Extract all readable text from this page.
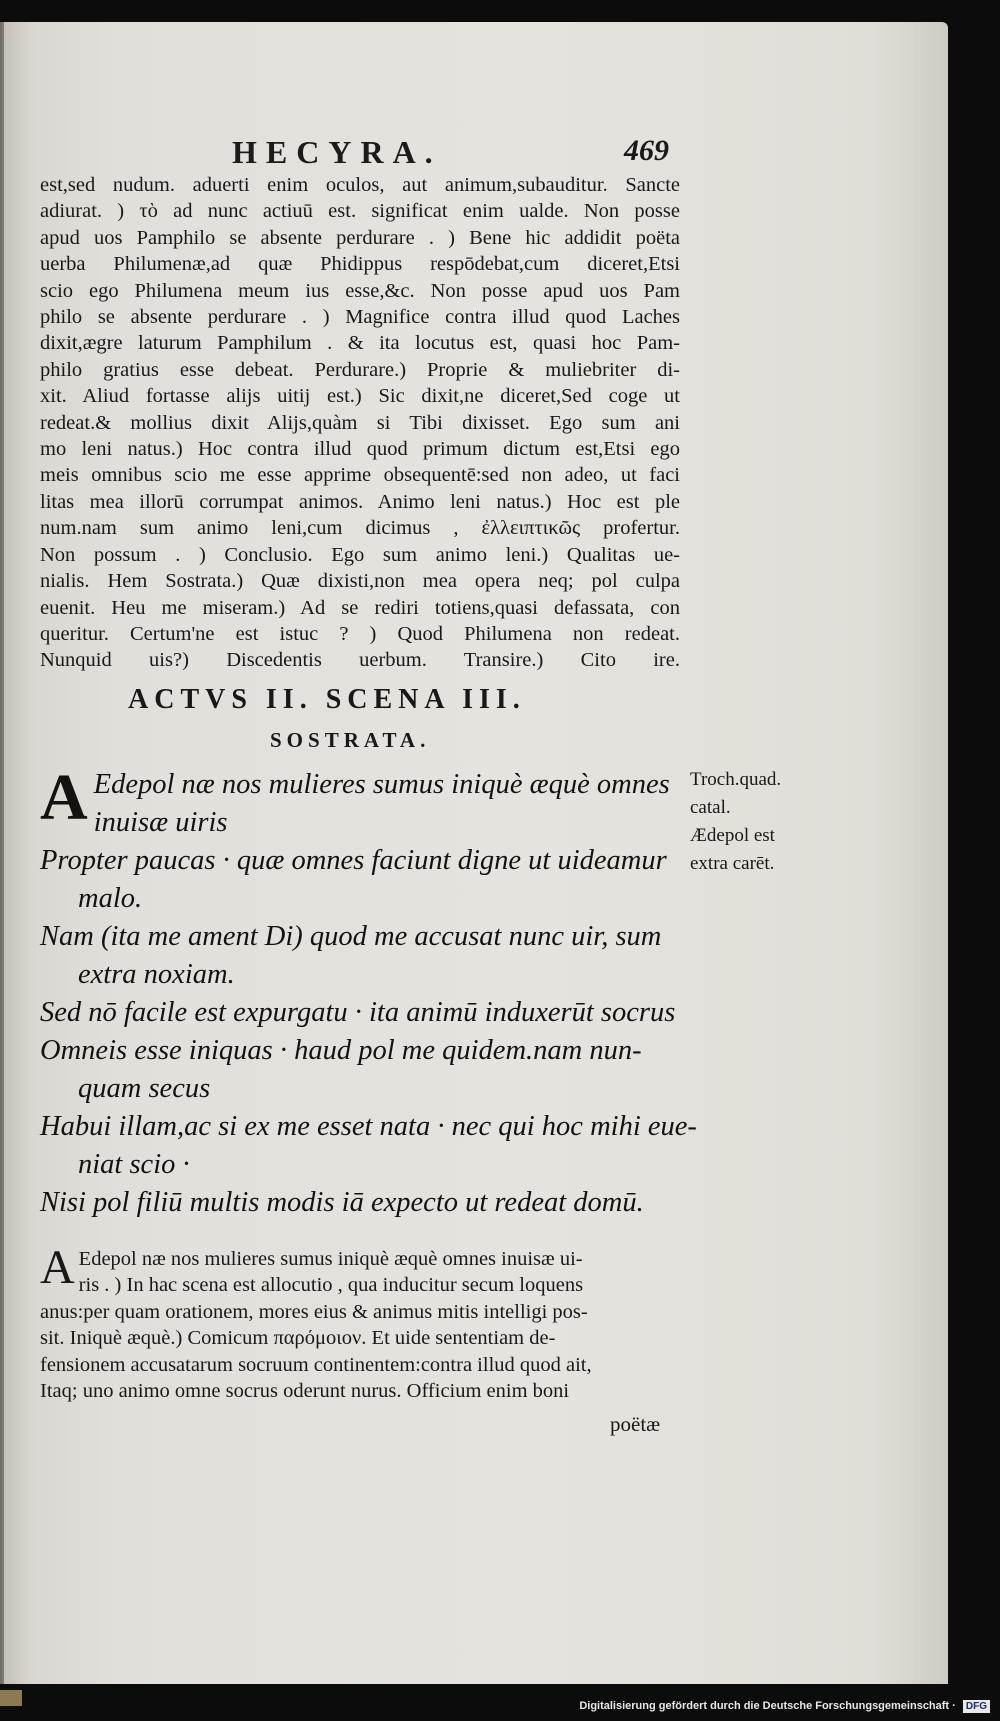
HECYRA.	469
est,sed nudum. aduerti enim oculos, aut animum,subauditur. Sancte
adiurat. ) τὸ ad nunc actiuū est. significat enim ualde. Non posse
apud uos Pamphilo se absente perdurare . ) Bene hic addidit poëta
uerba Philumenæ,ad quæ Phidippus respōdebat,cum diceret,Etsi
scio ego Philumena meum ius esse,&c. Non posse apud uos Pam
philo se absente perdurare . ) Magnifice contra illud quod Laches
dixit,ægre laturum Pamphilum . & ita locutus est, quasi hoc Pam-
philo gratius esse debeat. Perdurare.) Proprie & muliebriter di-
xit. Aliud fortasse alijs uitij est.) Sic dixit,ne diceret,Sed coge ut
redeat.& mollius dixit Alijs,quàm si Tibi dixisset. Ego sum ani
mo leni natus.) Hoc contra illud quod primum dictum est,Etsi ego
meis omnibus scio me esse apprime obsequentē:sed non adeo, ut faci
litas mea illorū corrumpat animos. Animo leni natus.) Hoc est ple
num.nam sum animo leni,cum dicimus , ἐλλειπτικῶς profertur.
Non possum . ) Conclusio. Ego sum animo leni.) Qualitas ue-
nialis. Hem Sostrata.) Quæ dixisti,non mea opera neq; pol culpa
euenit. Heu me miseram.) Ad se rediri totiens,quasi defassata, con
queritur. Certum'ne est istuc ? ) Quod Philumena non redeat.
Nunquid uis?) Discedentis uerbum. Transire.) Cito ire.
ACTVS II. SCENA III.
SOSTRATA.
AEdepol næ nos mulieres sumus iniquè æquè omnes
inuisæ uiris
Propter paucas · quæ omnes faciunt digne ut uideamur
malo.
Nam (ita me ament Di) quod me accusat nunc uir, sum
extra noxiam.
Sed nō facile est expurgatu · ita animū induxerūt socrus
Omneis esse iniquas · haud pol me quidem.nam nun-
quam secus
Habui illam,ac si ex me esset nata · nec qui hoc mihi eue-
niat scio ·
Nisi pol filiū multis modis iā expecto ut redeat domū.
Troch.quad.
catal.
Ædepol est
extra carēt.
AEdepol næ nos mulieres sumus iniquè æquè omnes inuisæ ui-
ris . ) In hac scena est allocutio , qua inducitur secum loquens
anus:per quam orationem, mores eius & animus mitis intelligi pos-
sit. Iniquè æquè.) Comicum παρόμοιον. Et uide sententiam de-
fensionem accusatarum socruum continentem:contra illud quod ait,
Itaq; uno animo omne socrus oderunt nurus. Officium enim boni
poëtæ
Digitalisierung gefördert durch die Deutsche Forschungsgemeinschaft · DFG
